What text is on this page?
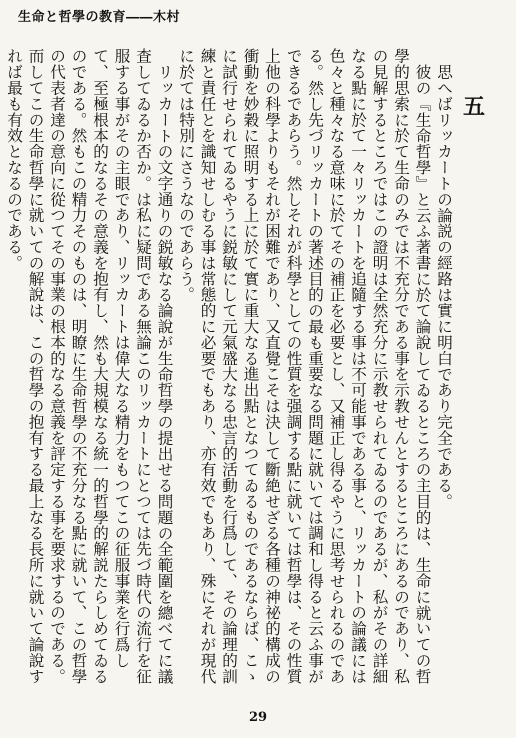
生命と哲學の教育――木村
五

思へばリッカートの論説の經路は實に明白であり完全である。

彼の『生命哲學』と云ふ著書に於て論說してゐるところの主目的は、生命に就いての哲學的思索に於て生命のみでは不充分である事を示教せんとするところにあるのであり、私の見解するところではこの證明は全然充分に示教せられてゐるのであるが、私がその詳細なる點に於て一々リッカートを追隨する事は不可能事である事と、リッカートの論議には色々と種々なる意味に於てその補正を必要とし、又補正し得るやうに思考せられるのである。然し先づリッカートの著述目的の最も重要なる問題に就いては調和し得ると云ふ事ができるであらう。然しそれが科學としての性質を强調する點に就いては哲學は、その性質上他の科學よりもそれが困難であり、又直覺こそは決して斷絶せざる各種の神祕的構成の衝動を妙穀に照明する上に於て實に重大なる進出點となつてゐるものであるならば、こゝに試行せられてゐるやうに鋭敏にして元氣盛大なる忠言的活動を行爲して、その論理的訓練と責任とを識知せしむる事は常態的に必要でもあり、亦有效でもあり、殊にそれが現代に於ては特別にさうなのであらう。

リッカートの文字通りの鋭敏なる論說が生命哲學の提出せる問題の全範圍を總べてに議査してゐるか否か。は私に疑問である無論このリッカートにとつては先づ時代の流行を征服する事がその主眼であり、リッカートは偉大なる精力をもつてこの征服事業を行爲して、至極根本的なるその意義を抱有し、然も大規模なる統一的哲學的解説たらしめてゐるのである。然もこの精力そのものは、明瞭に生命哲學の不充分なる點に就いて、この哲學の代表者達の意向に從つてその事業の根本的なる意義を評定する事を要求するのである。而してこの生命哲學に就いての解說は、この哲學の抱有する最上なる長所に就いて論說すれば最も有效となるのである。

29
